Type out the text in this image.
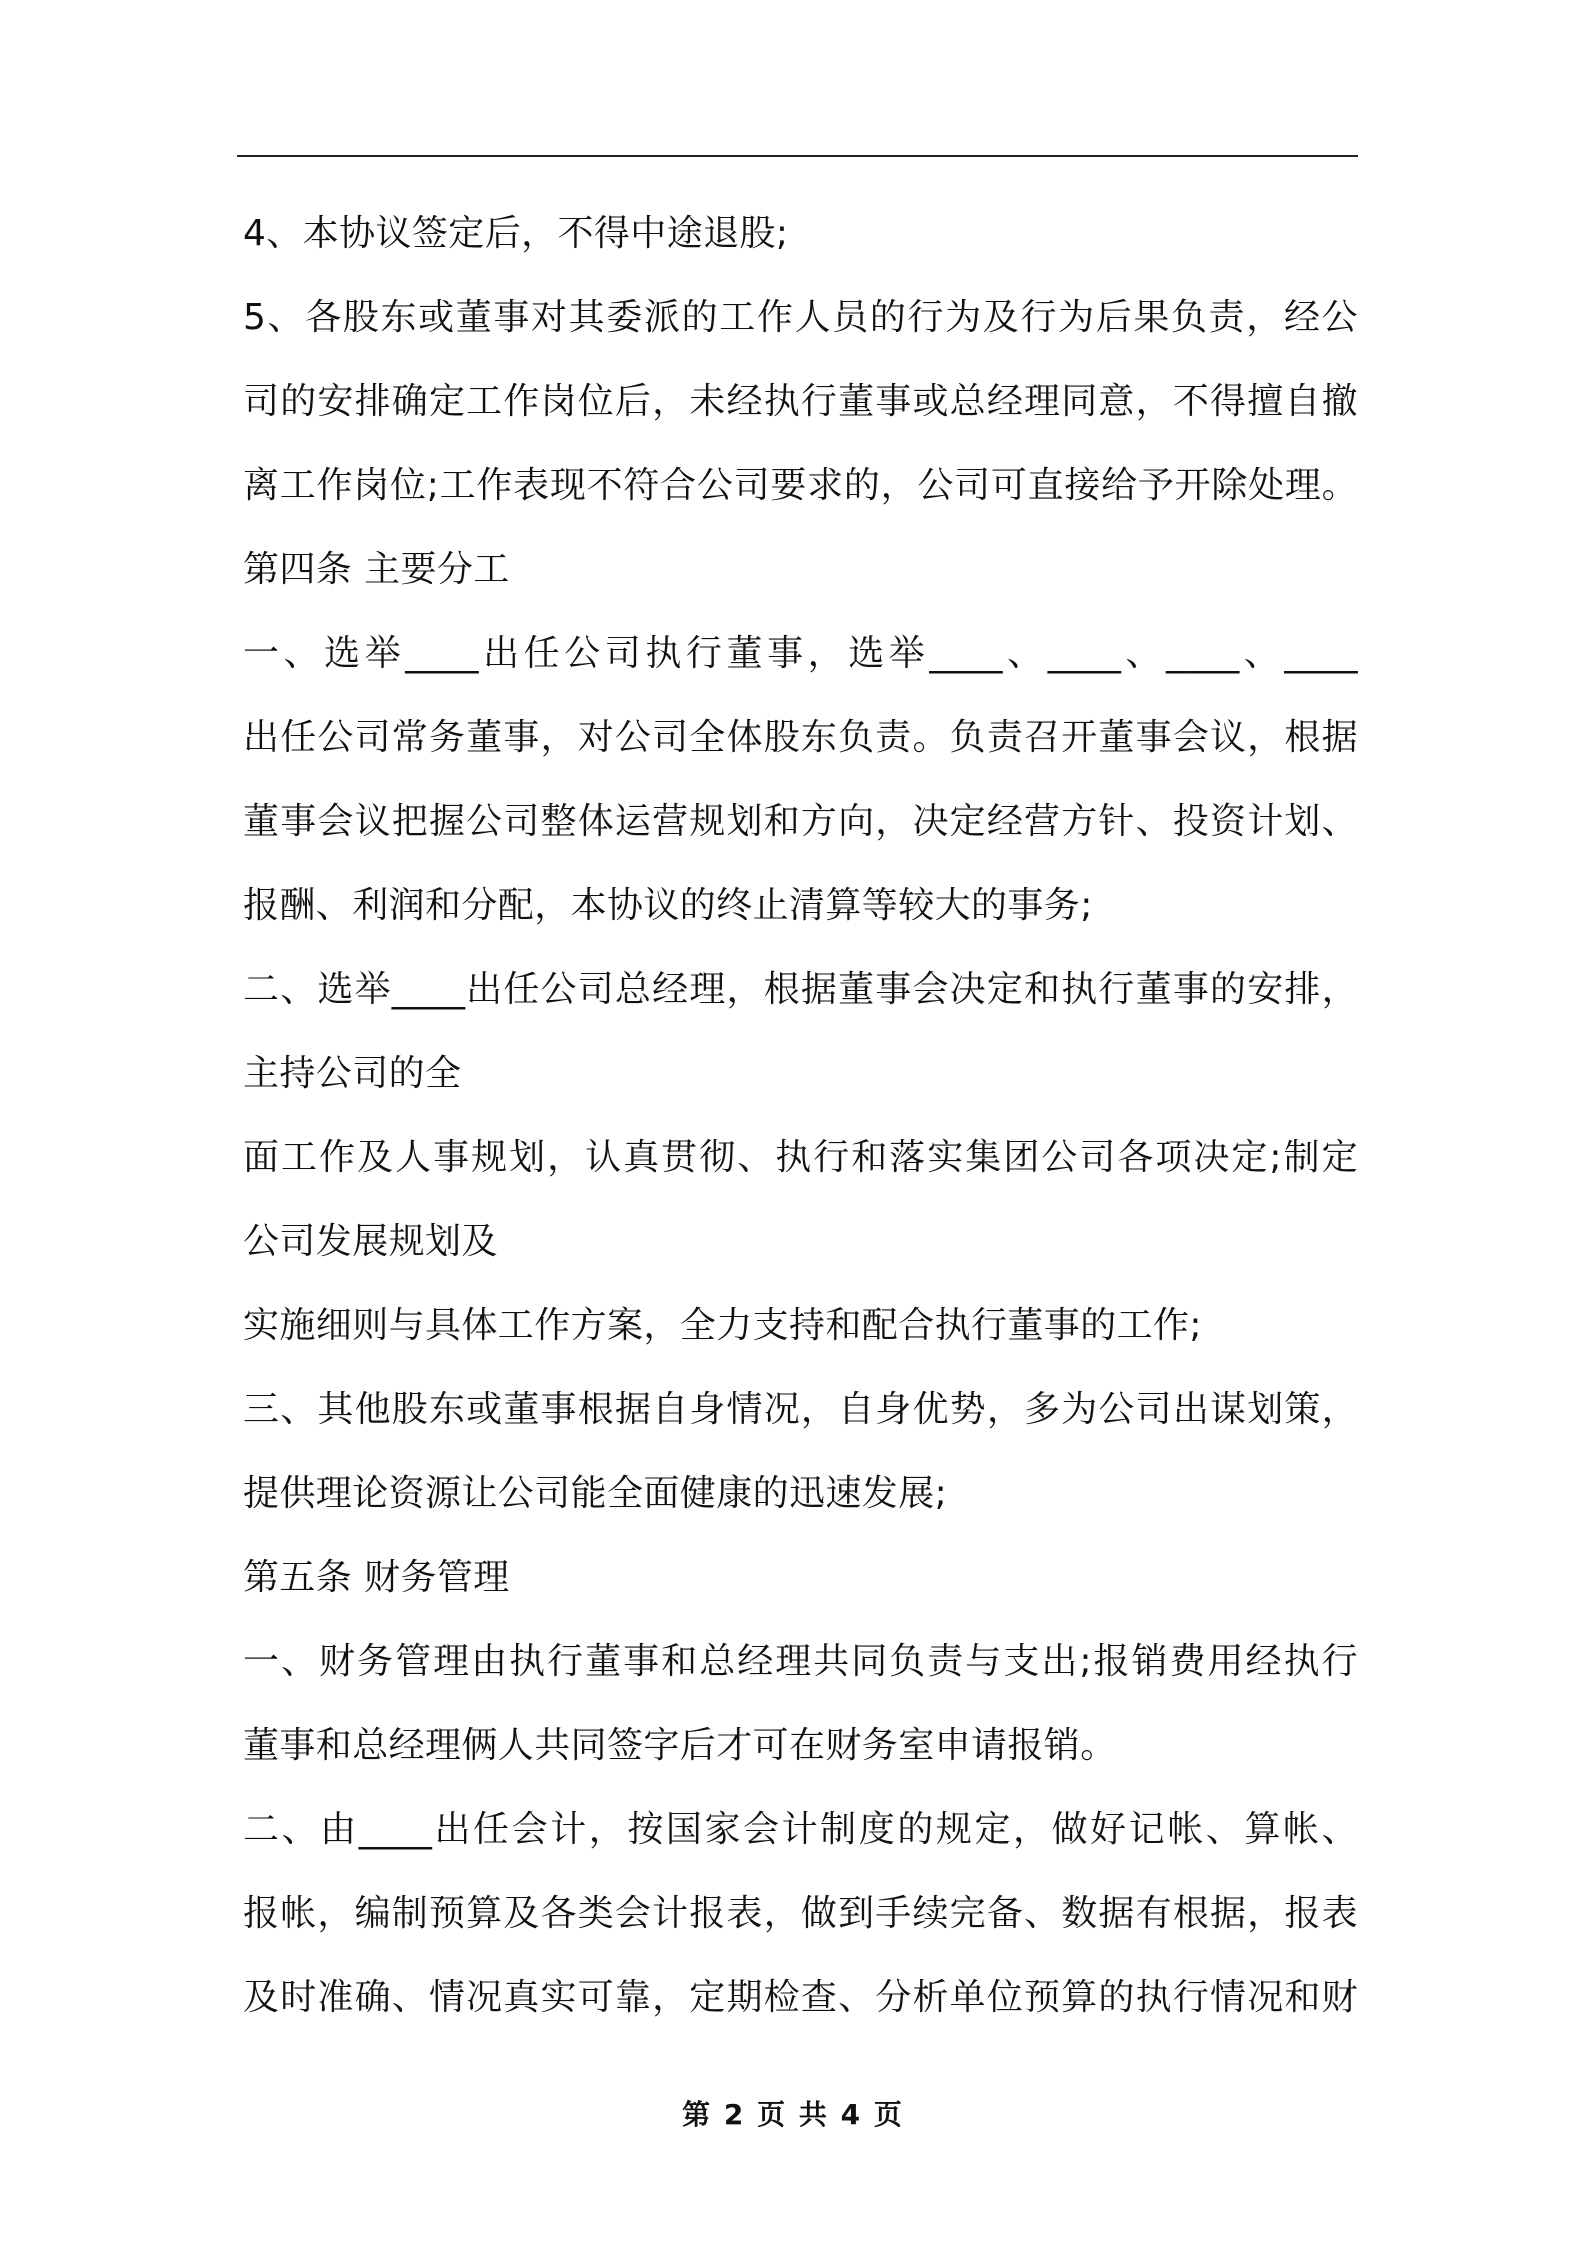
4、本协议签定后，不得中途退股;
5、各股东或董事对其委派的工作人员的行为及行为后果负责，经公
司的安排确定工作岗位后，未经执行董事或总经理同意，不得擅自撤
离工作岗位;工作表现不符合公司要求的，公司可直接给予开除处理。
第四条 主要分工
一、选举____出任公司执行董事，选举____、____、____、____
出任公司常务董事，对公司全体股东负责。负责召开董事会议，根据
董事会议把握公司整体运营规划和方向，决定经营方针、投资计划、
报酬、利润和分配，本协议的终止清算等较大的事务;
二、选举____出任公司总经理，根据董事会决定和执行董事的安排，
主持公司的全
面工作及人事规划，认真贯彻、执行和落实集团公司各项决定;制定
公司发展规划及
实施细则与具体工作方案，全力支持和配合执行董事的工作;
三、其他股东或董事根据自身情况，自身优势，多为公司出谋划策，
提供理论资源让公司能全面健康的迅速发展;
第五条 财务管理
一、财务管理由执行董事和总经理共同负责与支出;报销费用经执行
董事和总经理俩人共同签字后才可在财务室申请报销。
二、由____出任会计，按国家会计制度的规定，做好记帐、算帐、
报帐，编制预算及各类会计报表，做到手续完备、数据有根据，报表
及时准确、情况真实可靠，定期检查、分析单位预算的执行情况和财
第 2 页 共 4 页
